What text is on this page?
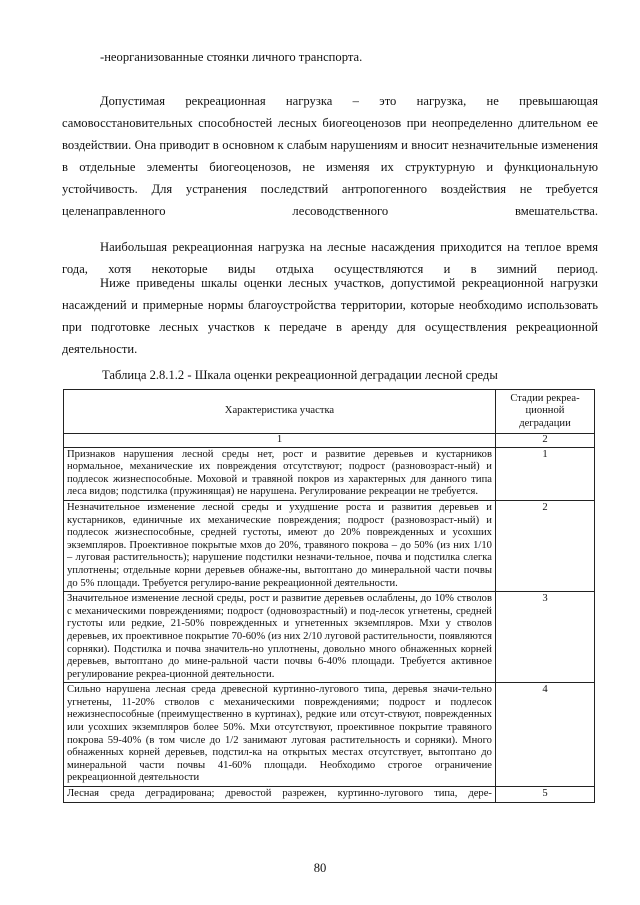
-неорганизованные стоянки личного транспорта.

Допустимая рекреационная нагрузка – это нагрузка, не превышающая самовосстановительных способностей лесных биогеоценозов при неопределенно длительном ее воздействии. Она приводит в основном к слабым нарушениям и вносит незначительные изменения в отдельные элементы биогеоценозов, не изменяя их структурную и функциональную устойчивость. Для устранения последствий антропогенного воздействия не требуется целенаправленного лесоводственного вмешательства.

Наибольшая рекреационная нагрузка на лесные насаждения приходится на теплое время года, хотя некоторые виды отдыха осуществляются и в зимний период.

Ниже приведены шкалы оценки лесных участков, допустимой рекреационной нагрузки насаждений и примерные нормы благоустройства территории, которые необходимо использовать при подготовке лесных участков к передаче в аренду для осуществления рекреационной деятельности.

Таблица 2.8.1.2 - Шкала оценки рекреационной деградации лесной среды
Характеристика участка	Стадии рекреа-ционной деградации
1	2
Признаков нарушения лесной среды нет, рост и развитие деревьев и кустарников нормальное, механические их повреждения отсутствуют; подрост (разновозраст-ный) и подлесок жизнеспособные. Моховой и травяной покров из характерных для данного типа леса видов; подстилка (пружинящая) не нарушена. Регулирование рекреации не требуется.	1
Незначительное изменение лесной среды и ухудшение роста и развития деревьев и кустарников, единичные их механические повреждения; подрост (разновозраст-ный) и подлесок жизнеспособные, средней густоты, имеют до 20% поврежденных и усохших экземпляров. Проективное покрытые мхов до 20%, травяного покрова – до 50% (из них 1/10 – луговая растительность); нарушение подстилки незначи-тельное, почва и подстилка слегка уплотнены; отдельные корни деревьев обнаже-ны, вытоптано до минеральной части почвы до 5% площади. Требуется регулиро-вание рекреационной деятельности.	2
Значительное изменение лесной среды, рост и развитие деревьев ослаблены, до 10% стволов с механическими повреждениями; подрост (одновозрастный) и под-лесок угнетены, средней густоты или редкие, 21-50% поврежденных и угнетенных экземпляров. Мхи у стволов деревьев, их проективное покрытие 70-60% (из них 2/10 луговой растительности, появляются сорняки). Подстилка и почва значитель-но уплотнены, довольно много обнаженных корней деревьев, вытоптано до мине-ральной части почвы 6-40% площади. Требуется активное регулирование рекреа-ционной деятельности.	3
Сильно нарушена лесная среда древесной куртинно-лугового типа, деревья значи-тельно угнетены, 11-20% стволов с механическими повреждениями; подрост и подлесок нежизнеспособные (преимущественно в куртинах), редкие или отсут-ствуют, поврежденных или усохших экземпляров более 50%. Мхи отсутствуют, проективное покрытие травяного покрова 59-40% (в том числе до 1/2 занимают луговая растительность и сорняки). Много обнаженных корней деревьев, подстил-ка на открытых местах отсутствует, вытоптано до минеральной части почвы 41-60% площади. Необходимо строгое ограничение рекреационной деятельности	4
Лесная среда деградирована; древостой разрежен, куртинно-лугового типа, дере-	5
80
